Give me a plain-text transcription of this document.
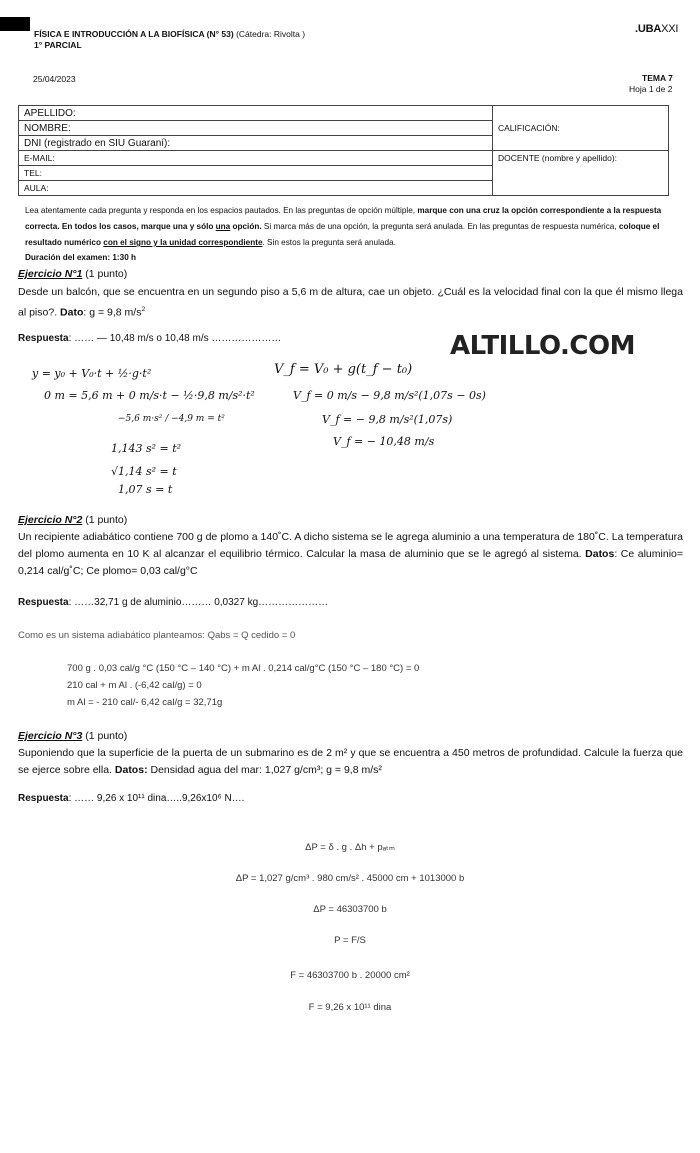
FÍSICA E INTRODUCCIÓN A LA BIOFÍSICA (N° 53) (Cátedra: Rivolta )
1° PARCIAL
.UBAXXI
25/04/2023	TEMA 7
Hoja 1 de 2
APELLIDO:	CALIFICACIÓN:
NOMBRE:	
DNI (registrado en SIU Guaraní):	
E-MAIL:	DOCENTE (nombre y apellido):
TEL:	
AULA:	
Lea atentamente cada pregunta y responda en los espacios pautados. En las preguntas de opción múltiple, marque con una cruz la opción correspondiente a la respuesta correcta. En todos los casos, marque una y sólo una opción. Si marca más de una opción, la pregunta será anulada. En las preguntas de respuesta numérica, coloque el resultado numérico con el signo y la unidad correspondiente. Sin estos la pregunta será anulada.
Duración del examen: 1:30 h
ALTILLO.COM
Ejercicio N°1 (1 punto)
Desde un balcón, que se encuentra en un segundo piso a 5,6 m de altura, cae un objeto. ¿Cuál es la velocidad final con la que él mismo llega al piso?. Dato: g = 9,8 $m/s^2$
Respuesta: …… — 10,48 m/s o 10,48 m/s …………………
y = y₀ + V₀·t + ½·g·t²
0 m = 5,6 m + 0 m/s·t − ½·9,8 m/s²·t²
−5,6 m·s² / −4,9 m = t²
1,143 s² = t²
√1,14 s² = t
1,07 s = t
V_f = V₀ + g(t_f − t₀)
V_f = 0 m/s − 9,8 m/s²(1,07s − 0s)
V_f = − 9,8 m/s²(1,07s)
V_f = − 10,48 m/s
Ejercicio N°2 (1 punto)
Un recipiente adiabático contiene 700 g de plomo a 140˚C. A dicho sistema se le agrega aluminio a una temperatura de 180˚C. La temperatura del plomo aumenta en 10 K al alcanzar el equilibrio térmico. Calcular la masa de aluminio que se le agregó al sistema. Datos: Ce aluminio= 0,214 cal/g˚C; Ce plomo= 0,03 cal/g°C
Respuesta: ……32,71 g de aluminio……… 0,0327 kg…………………
Como es un sistema adiabático planteamos: Qabs = Q cedido = 0
700 g . 0,03 cal/g °C (150 °C – 140 °C) + m Al . 0,214 cal/g°C (150 °C – 180 °C) = 0
210 cal + m Al . (-6,42 cal/g) = 0
m Al = - 210 cal/- 6,42 cal/g = 32,71g
Ejercicio N°3 (1 punto)
Suponiendo que la superficie de la puerta de un submarino es de 2 m² y que se encuentra a 450 metros de profundidad. Calcule la fuerza que se ejerce sobre ella. Datos: Densidad agua del mar: 1,027 g/cm³; g = 9,8 m/s²
Respuesta: …… 9,26 x 10¹¹ dina…..9,26x10⁶ N….
ΔP = δ . g . Δh + pₐₜₘ
ΔP = 1,027 g/cm³ . 980 cm/s² . 45000 cm + 1013000 b
ΔP = 46303700 b
P = F/S
F = 46303700 b . 20000 cm²
F = 9,26 x 10¹¹ dina
